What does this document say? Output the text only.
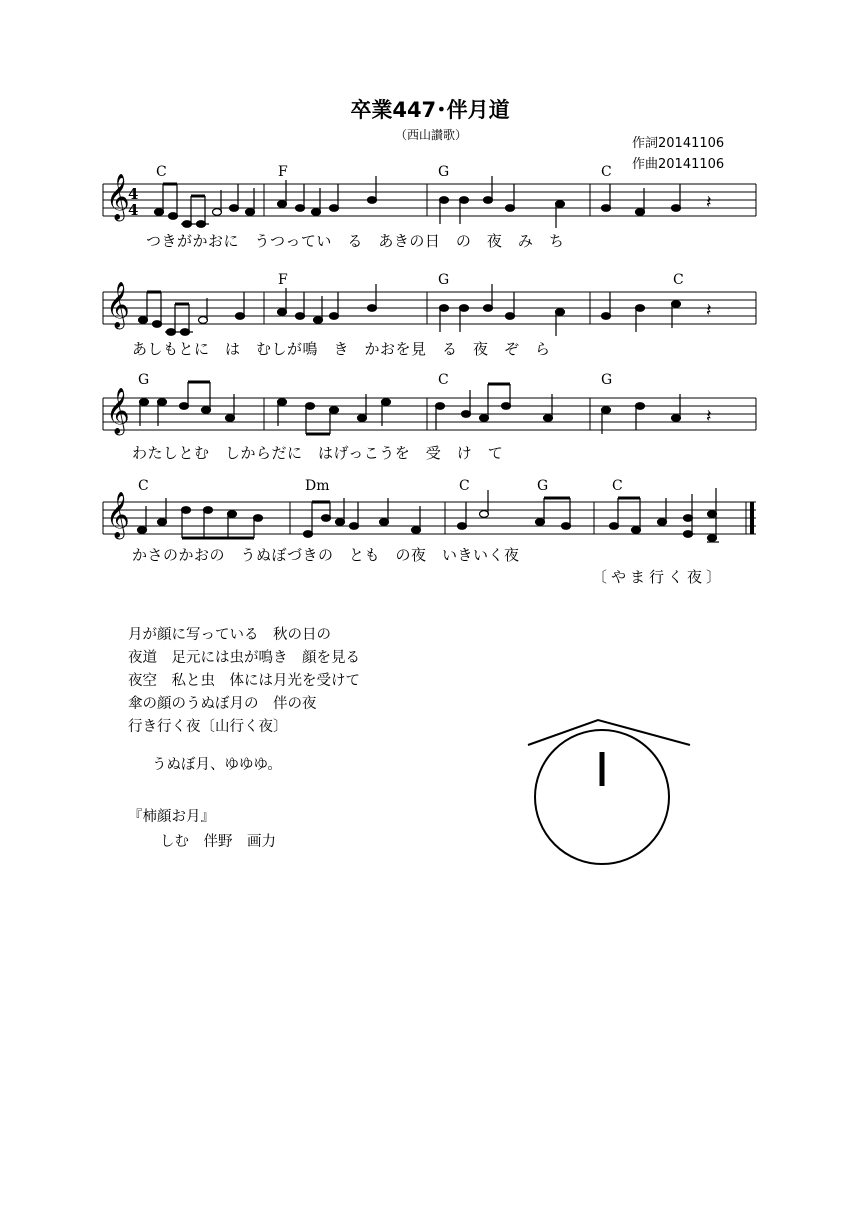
卒業447･伴月道
（西山讃歌）
作詞20141106
作曲20141106
𝄞
4
4	𝄽
C	F	G	C
つきがかおに　うつってい　る　あきの日　の　夜　み　ち
𝄞	𝄽
F	G	C
あしもとに　は　むしが鳴　き　かおを見　る　夜　ぞ　ら
𝄞	𝄽
G	C	G
わたしとむ　しからだに　はげっこうを　受　け　て
𝄞
C	Dm	C	G	C
かさのかおの　うぬぼづきの　とも　の夜　いきいく夜
〔やま行く夜〕
月が顔に写っている　秋の日の
夜道　足元には虫が鳴き　顔を見る
夜空　私と虫　体には月光を受けて
傘の顔のうぬぼ月の　伴の夜
行き行く夜〔山行く夜〕
うぬぼ月、ゆゆゆ。
『柿顔お月』
しむ　伴野　画力
